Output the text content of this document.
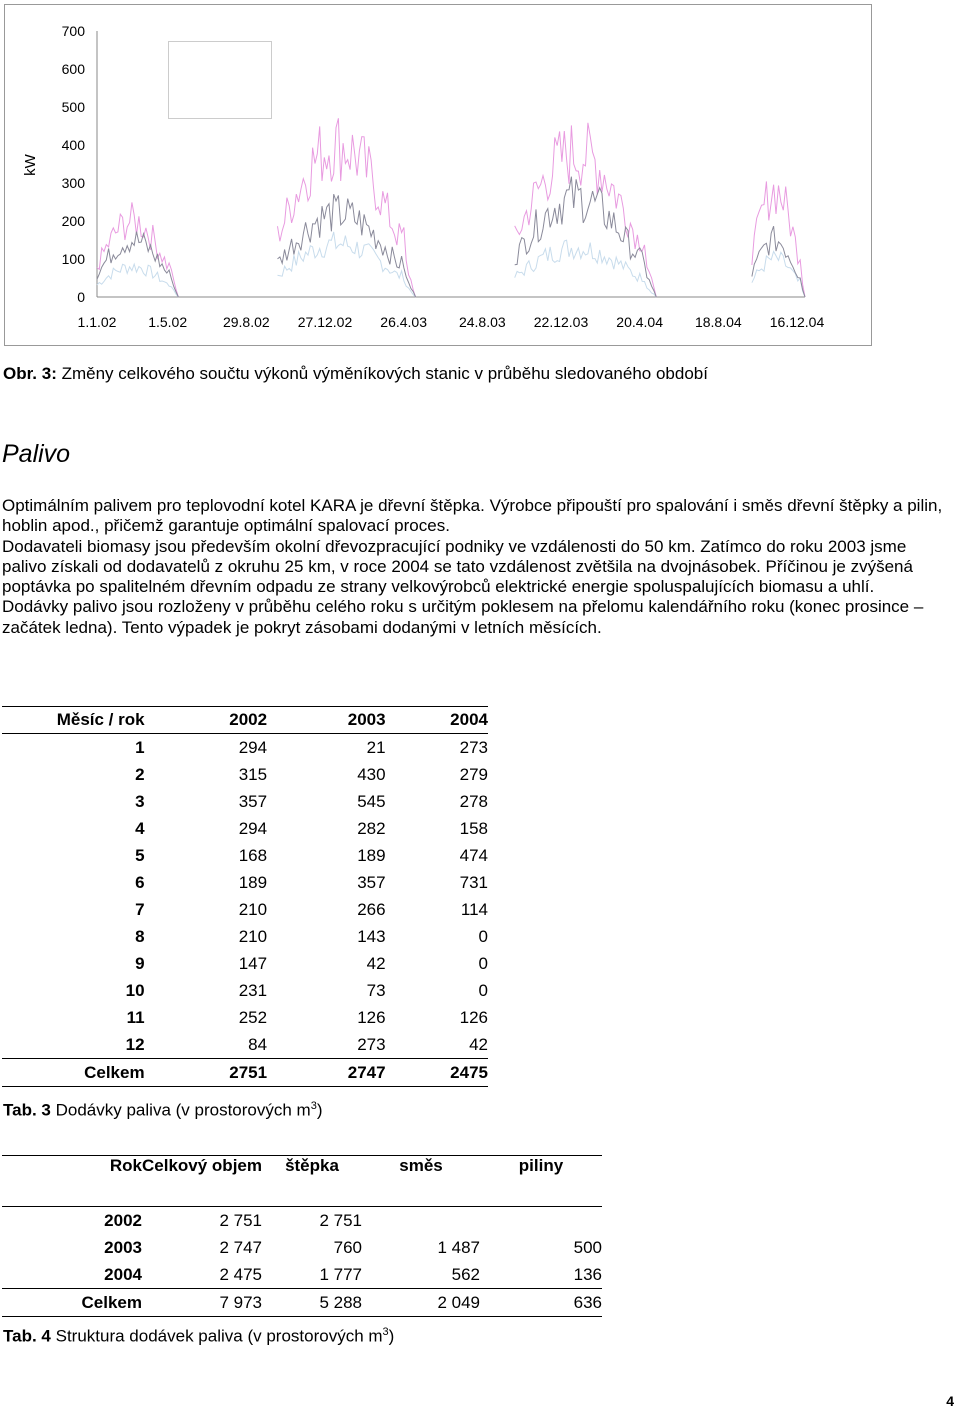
700
600
500
400
300
200
100
0
kW
1.1.02 1.5.02	29.8.02 27.12.02 26.4.03 24.8.03 22.12.03 20.4.04 18.8.04 16.12.04
Obr. 3: Změny celkového součtu výkonů výměníkových stanic v průběhu sledovaného období
Palivo

Optimálním palivem pro teplovodní kotel KARA je dřevní štěpka. Výrobce připouští pro spalování i směs dřevní štěpky a pilin, hoblin apod., přičemž garantuje optimální spalovací proces.

Dodavateli biomasy jsou především okolní dřevozpracující podniky ve vzdálenosti do 50 km. Zatímco do roku 2003 jsme palivo získali od dodavatelů z okruhu 25 km, v roce 2004 se tato vzdálenost zvětšila na dvojnásobek. Příčinou je zvýšená poptávka po spalitelném dřevním odpadu ze strany velkovýrobců elektrické energie spoluspalujících biomasu a uhlí.

Dodávky palivo jsou rozloženy v průběhu celého roku s určitým poklesem na přelomu kalendářního roku (konec prosince –začátek ledna). Tento výpadek je pokryt zásobami dodanými v letních měsících.

Měsíc / rok	2002	2003	2004
1	294	21	273
2	315	430	279
3	357	545	278
4	294	282	158
5	168	189	474
6	189	357	731
7	210	266	114
8	210	143	0
9	147	42	0
10	231	73	0
11	252	126	126
12	84	273	42
Celkem	2751	2747	2475
Tab. 3 Dodávky paliva (v prostorových $m^3$)
Rok	Celkový objem	štěpka	směs	piliny
2002	2 751	2 751		
2003	2 747	760	1 487	500
2004	2 475	1 777	562	136
Celkem	7 973	5 288	2 049	636
Tab. 4 Struktura dodávek paliva (v prostorových $m^3$)
4
